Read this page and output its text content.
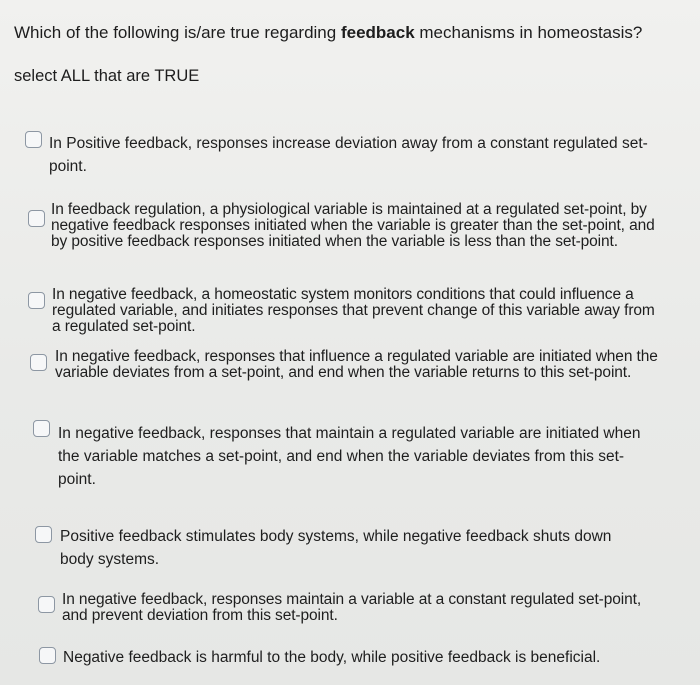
Which of the following is/are true regarding feedback mechanisms in homeostasis?
select ALL that are TRUE
In Positive feedback, responses increase deviation away from a constant regulated set-point.
In feedback regulation, a physiological variable is maintained at a regulated set-point, by negative feedback responses initiated when the variable is greater than the set-point, and by positive feedback responses initiated when the variable is less than the set-point.
In negative feedback, a homeostatic system monitors conditions that could influence a regulated variable, and initiates responses that prevent change of this variable away from a regulated set-point.
In negative feedback, responses that influence a regulated variable are initiated when the variable deviates from a set-point, and end when the variable returns to this set-point.
In negative feedback, responses that maintain a regulated variable are initiated when the variable matches a set-point, and end when the variable deviates from this set-point.
Positive feedback stimulates body systems, while negative feedback shuts down body systems.
In negative feedback, responses maintain a variable at a constant regulated set-point, and prevent deviation from this set-point.
Negative feedback is harmful to the body, while positive feedback is beneficial.
